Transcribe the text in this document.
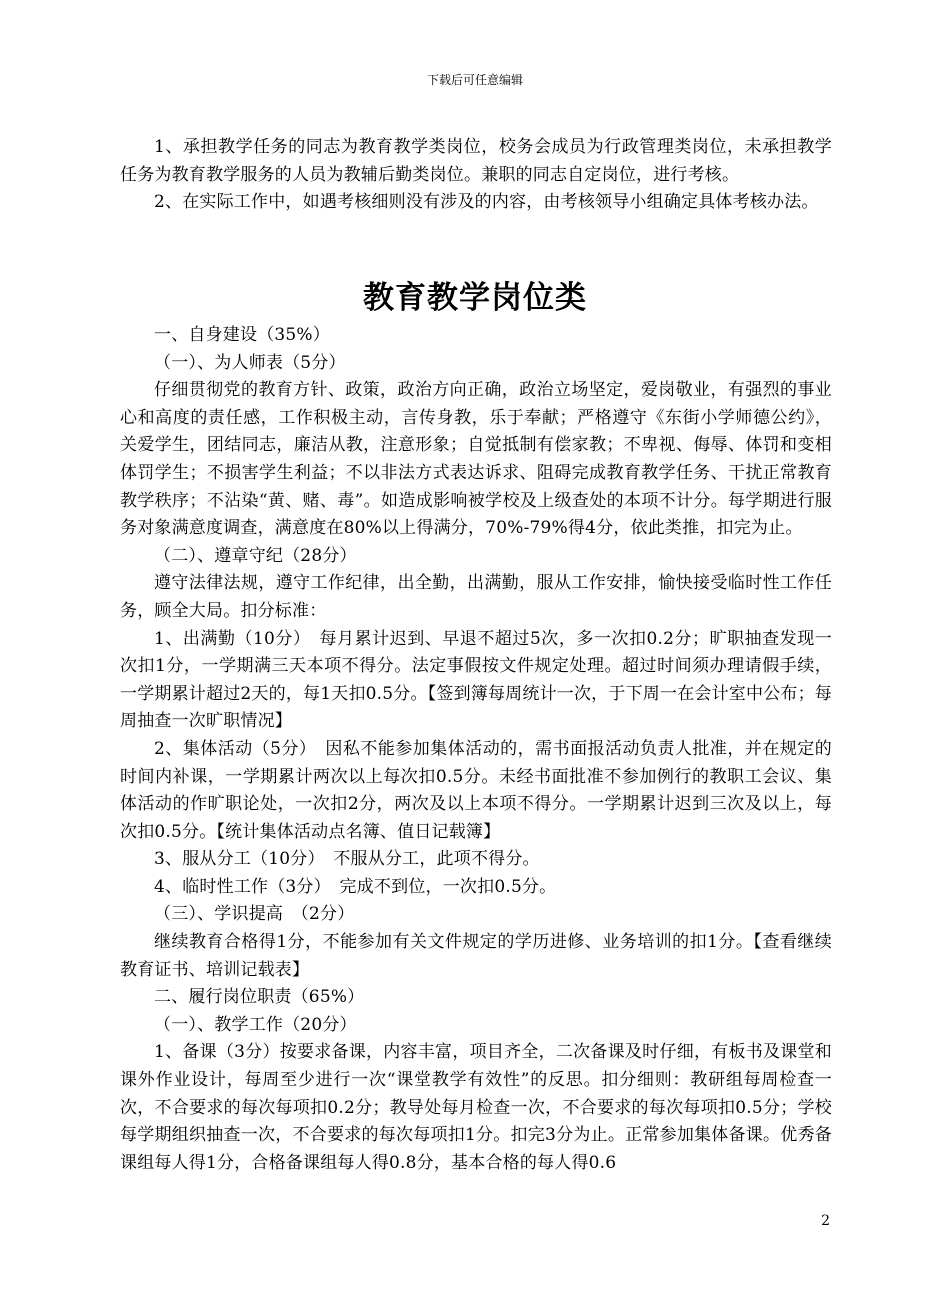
下载后可任意编辑

1、承担教学任务的同志为教育教学类岗位，校务会成员为行政管理类岗位，未承担教学任务为教育教学服务的人员为教辅后勤类岗位。兼职的同志自定岗位，进行考核。

2、在实际工作中，如遇考核细则没有涉及的内容，由考核领导小组确定具体考核办法。

教育教学岗位类

一、自身建设（35%）

（一）、为人师表（5分）

仔细贯彻党的教育方针、政策，政治方向正确，政治立场坚定，爱岗敬业，有强烈的事业心和高度的责任感，工作积极主动，言传身教，乐于奉献；严格遵守《东街小学师德公约》，关爱学生，团结同志，廉洁从教，注意形象；自觉抵制有偿家教；不卑视、侮辱、体罚和变相体罚学生；不损害学生利益；不以非法方式表达诉求、阻碍完成教育教学任务、干扰正常教育教学秩序；不沾染“黄、赌、毒”。如造成影响被学校及上级查处的本项不计分。每学期进行服务对象满意度调查，满意度在80%以上得满分，70%-79%得4分，依此类推，扣完为止。

（二）、遵章守纪（28分）

遵守法律法规，遵守工作纪律，出全勤，出满勤，服从工作安排，愉快接受临时性工作任务，顾全大局。扣分标准：

1、出满勤（10分）　每月累计迟到、早退不超过5次，多一次扣0.2分；旷职抽查发现一次扣1分，一学期满三天本项不得分。法定事假按文件规定处理。超过时间须办理请假手续，一学期累计超过2天的，每1天扣0.5分。【签到簿每周统计一次，于下周一在会计室中公布；每周抽查一次旷职情况】

2、集体活动（5分）　因私不能参加集体活动的，需书面报活动负责人批准，并在规定的时间内补课，一学期累计两次以上每次扣0.5分。未经书面批准不参加例行的教职工会议、集体活动的作旷职论处，一次扣2分，两次及以上本项不得分。一学期累计迟到三次及以上，每次扣0.5分。【统计集体活动点名簿、值日记载簿】

3、服从分工（10分）　不服从分工，此项不得分。

4、临时性工作（3分）　完成不到位，一次扣0.5分。

（三）、学识提高　（2分）

继续教育合格得1分，不能参加有关文件规定的学历进修、业务培训的扣1分。【查看继续教育证书、培训记载表】

二、履行岗位职责（65%）

（一）、教学工作（20分）

1、备课（3分）按要求备课，内容丰富，项目齐全，二次备课及时仔细，有板书及课堂和课外作业设计，每周至少进行一次“课堂教学有效性”的反思。扣分细则：教研组每周检查一次，不合要求的每次每项扣0.2分；教导处每月检查一次，不合要求的每次每项扣0.5分；学校每学期组织抽查一次，不合要求的每次每项扣1分。扣完3分为止。正常参加集体备课。优秀备课组每人得1分，合格备课组每人得0.8分，基本合格的每人得0.6

2
